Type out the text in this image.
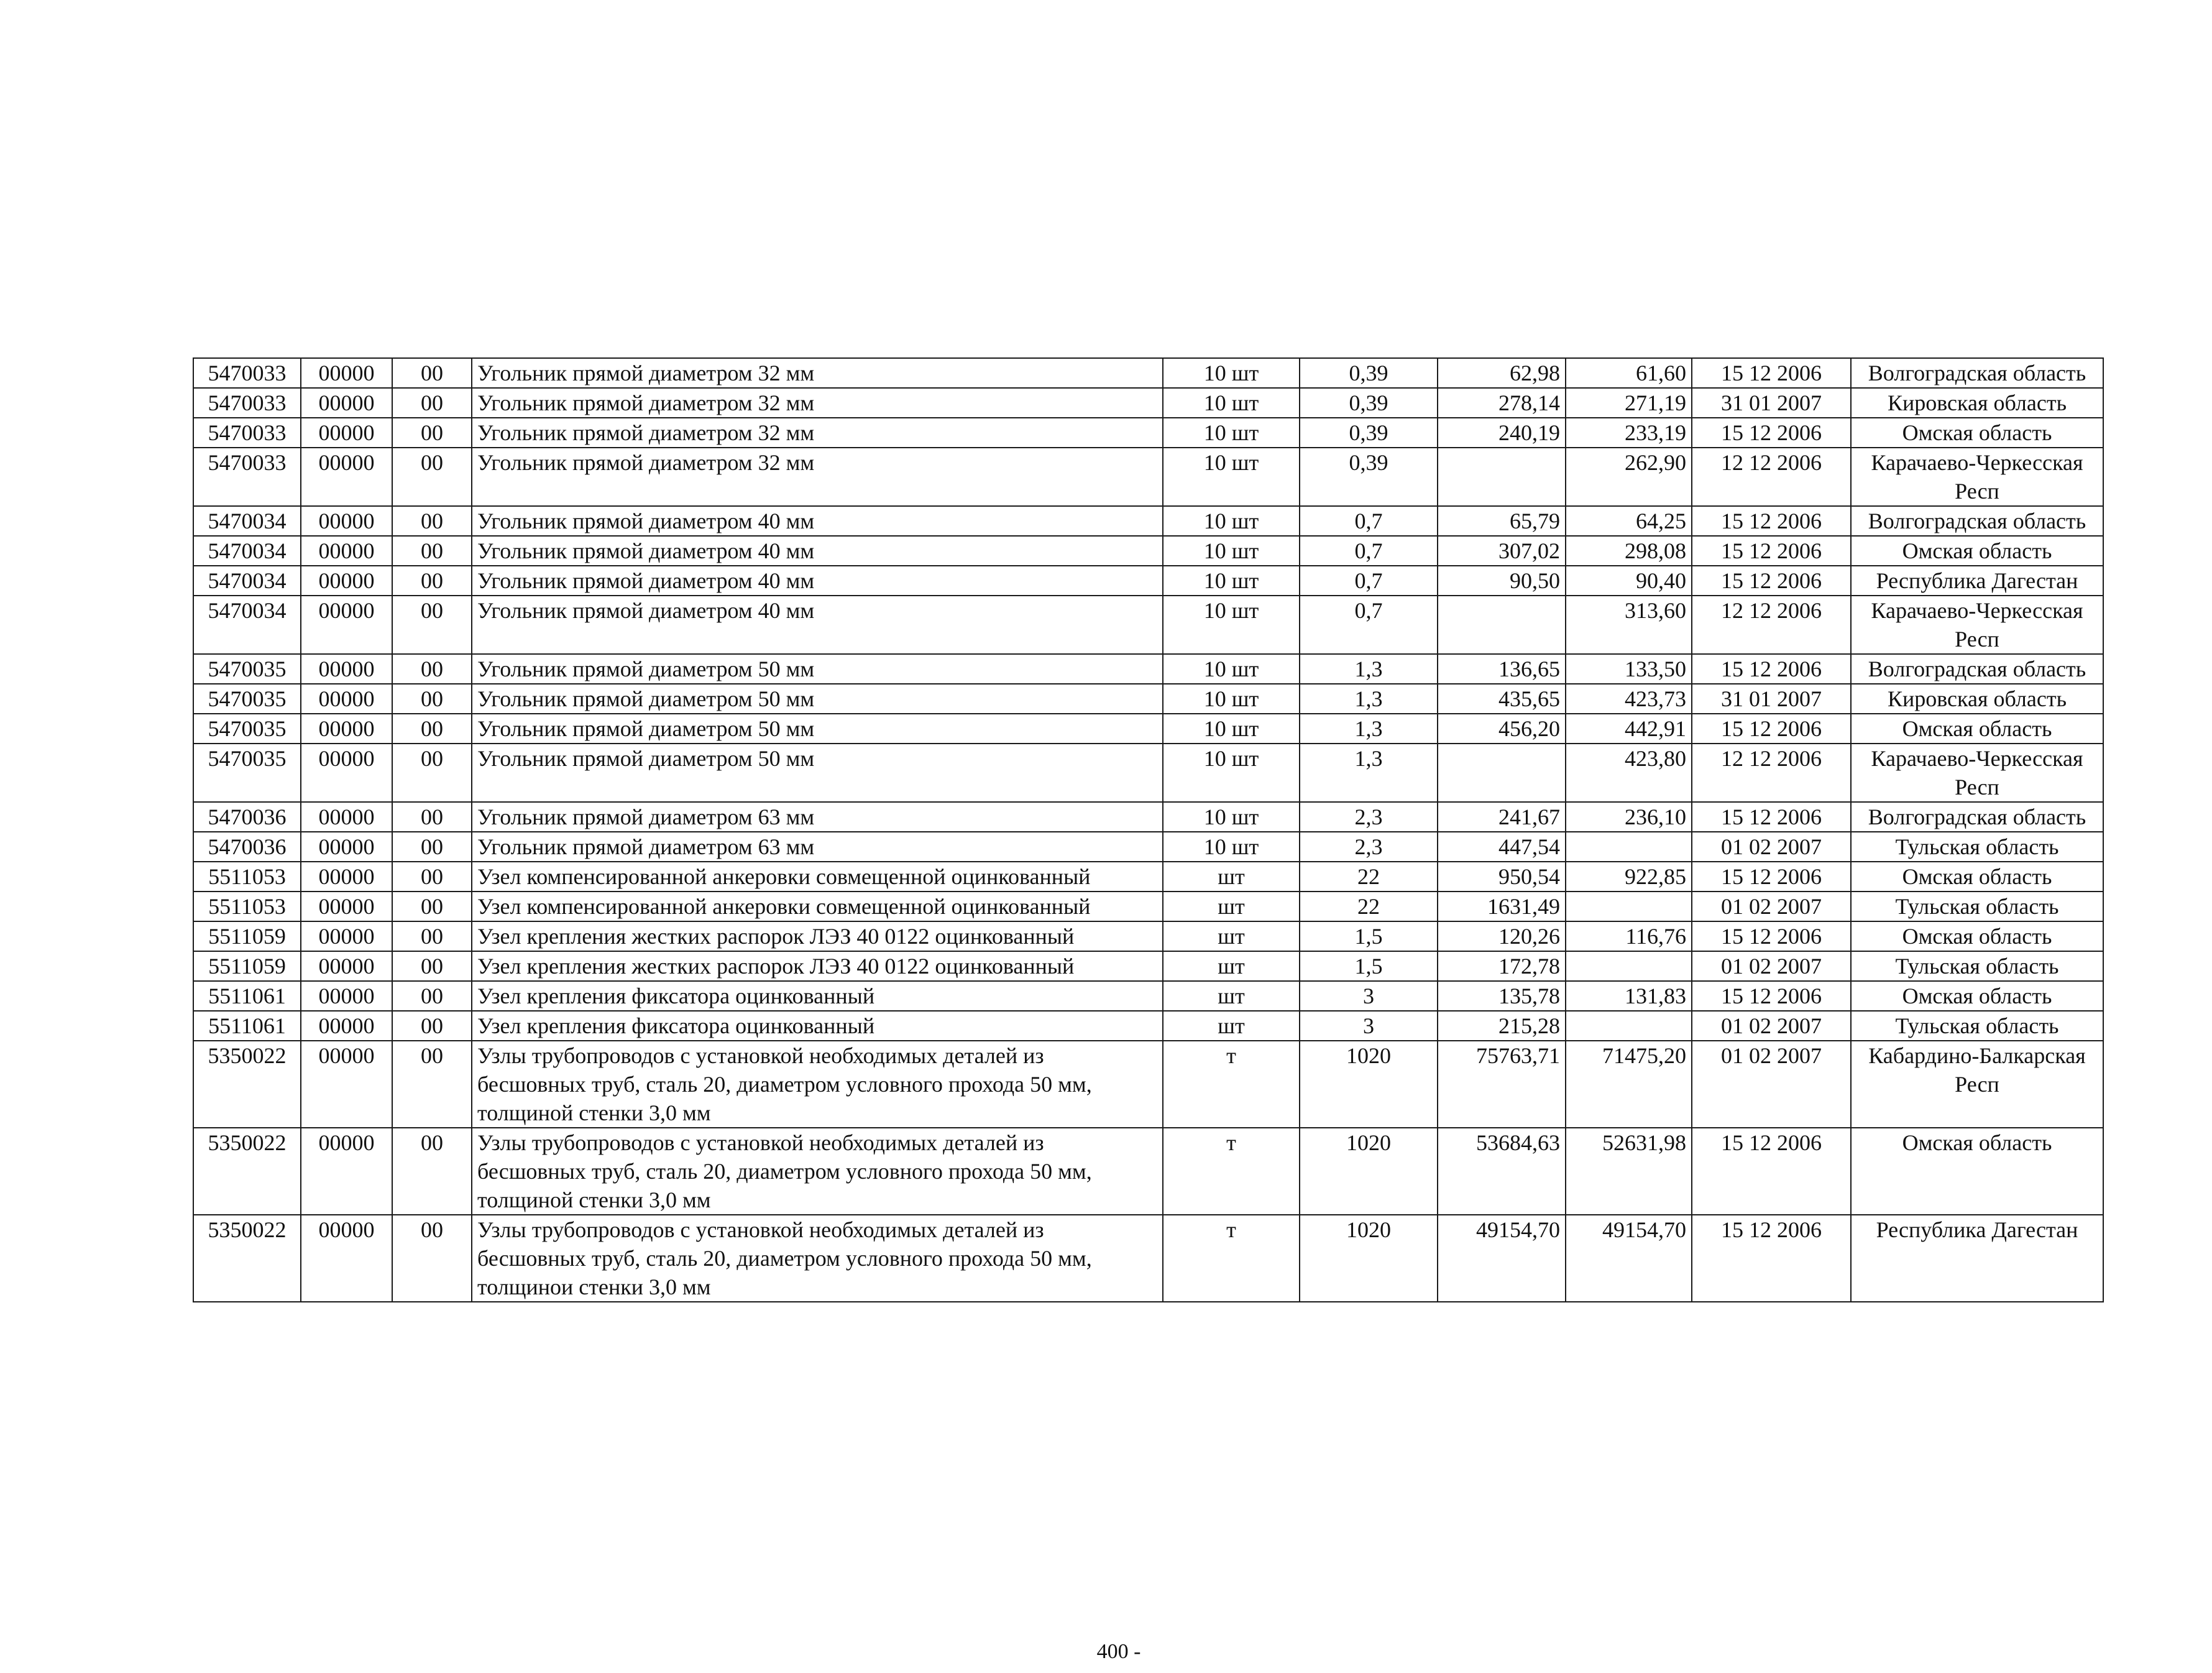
5470033	00000	00	Угольник прямой диаметром 32 мм	10 шт	0,39	62,98	61,60	15 12 2006	Волгоградская область
5470033	00000	00	Угольник прямой диаметром 32 мм	10 шт	0,39	278,14	271,19	31 01 2007	Кировская область
5470033	00000	00	Угольник прямой диаметром 32 мм	10 шт	0,39	240,19	233,19	15 12 2006	Омская область
5470033	00000	00	Угольник прямой диаметром 32 мм	10 шт	0,39		262,90	12 12 2006	Карачаево-Черкесская Респ
5470034	00000	00	Угольник прямой диаметром 40 мм	10 шт	0,7	65,79	64,25	15 12 2006	Волгоградская область
5470034	00000	00	Угольник прямой диаметром 40 мм	10 шт	0,7	307,02	298,08	15 12 2006	Омская область
5470034	00000	00	Угольник прямой диаметром 40 мм	10 шт	0,7	90,50	90,40	15 12 2006	Республика Дагестан
5470034	00000	00	Угольник прямой диаметром 40 мм	10 шт	0,7		313,60	12 12 2006	Карачаево-Черкесская Респ
5470035	00000	00	Угольник прямой диаметром 50 мм	10 шт	1,3	136,65	133,50	15 12 2006	Волгоградская область
5470035	00000	00	Угольник прямой диаметром 50 мм	10 шт	1,3	435,65	423,73	31 01 2007	Кировская область
5470035	00000	00	Угольник прямой диаметром 50 мм	10 шт	1,3	456,20	442,91	15 12 2006	Омская область
5470035	00000	00	Угольник прямой диаметром 50 мм	10 шт	1,3		423,80	12 12 2006	Карачаево-Черкесская Респ
5470036	00000	00	Угольник прямой диаметром 63 мм	10 шт	2,3	241,67	236,10	15 12 2006	Волгоградская область
5470036	00000	00	Угольник прямой диаметром 63 мм	10 шт	2,3	447,54		01 02 2007	Тульская область
5511053	00000	00	Узел компенсированной анкеровки совмещенной оцинкованный	шт	22	950,54	922,85	15 12 2006	Омская область
5511053	00000	00	Узел компенсированной анкеровки совмещенной оцинкованный	шт	22	1631,49		01 02 2007	Тульская область
5511059	00000	00	Узел крепления жестких распорок ЛЭЗ 40 0122 оцинкованный	шт	1,5	120,26	116,76	15 12 2006	Омская область
5511059	00000	00	Узел крепления жестких распорок ЛЭЗ 40 0122 оцинкованный	шт	1,5	172,78		01 02 2007	Тульская область
5511061	00000	00	Узел крепления фиксатора оцинкованный	шт	3	135,78	131,83	15 12 2006	Омская область
5511061	00000	00	Узел крепления фиксатора оцинкованный	шт	3	215,28		01 02 2007	Тульская область
5350022	00000	00	Узлы трубопроводов с установкой необходимых деталей из бесшовных труб, сталь 20, диаметром условного прохода 50 мм, толщиной стенки 3,0 мм	т	1020	75763,71	71475,20	01 02 2007	Кабардино-Балкарская Респ
5350022	00000	00	Узлы трубопроводов с установкой необходимых деталей из бесшовных труб, сталь 20, диаметром условного прохода 50 мм, толщиной стенки 3,0 мм	т	1020	53684,63	52631,98	15 12 2006	Омская область
5350022	00000	00	Узлы трубопроводов с установкой необходимых деталей из бесшовных труб, сталь 20, диаметром условного прохода 50 мм, толщинои стенки 3,0 мм	т	1020	49154,70	49154,70	15 12 2006	Республика Дагестан
400 -
